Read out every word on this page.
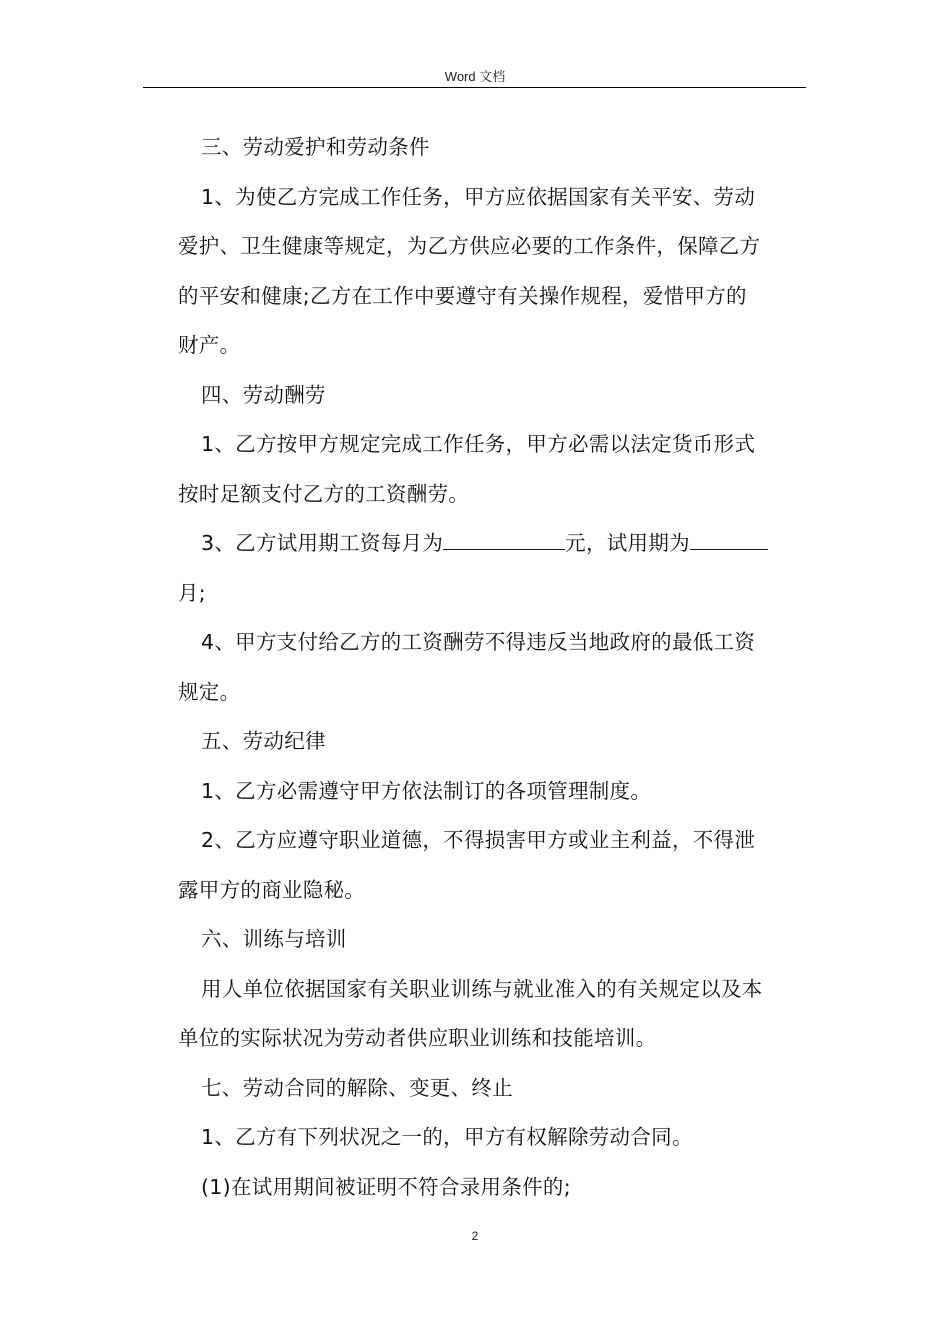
Word 文档

三、劳动爱护和劳动条件

1、为使乙方完成工作任务，甲方应依据国家有关平安、劳动

爱护、卫生健康等规定，为乙方供应必要的工作条件，保障乙方

的平安和健康;乙方在工作中要遵守有关操作规程，爱惜甲方的

财产。

四、劳动酬劳

1、乙方按甲方规定完成工作任务，甲方必需以法定货币形式

按时足额支付乙方的工资酬劳。

3、乙方试用期工资每月为	元，试用期为

月;

4、甲方支付给乙方的工资酬劳不得违反当地政府的最低工资

规定。

五、劳动纪律

1、乙方必需遵守甲方依法制订的各项管理制度。

2、乙方应遵守职业道德，不得损害甲方或业主利益，不得泄

露甲方的商业隐秘。

六、训练与培训

用人单位依据国家有关职业训练与就业准入的有关规定以及本

单位的实际状况为劳动者供应职业训练和技能培训。

七、劳动合同的解除、变更、终止

1、乙方有下列状况之一的，甲方有权解除劳动合同。

(1)在试用期间被证明不符合录用条件的;

2
